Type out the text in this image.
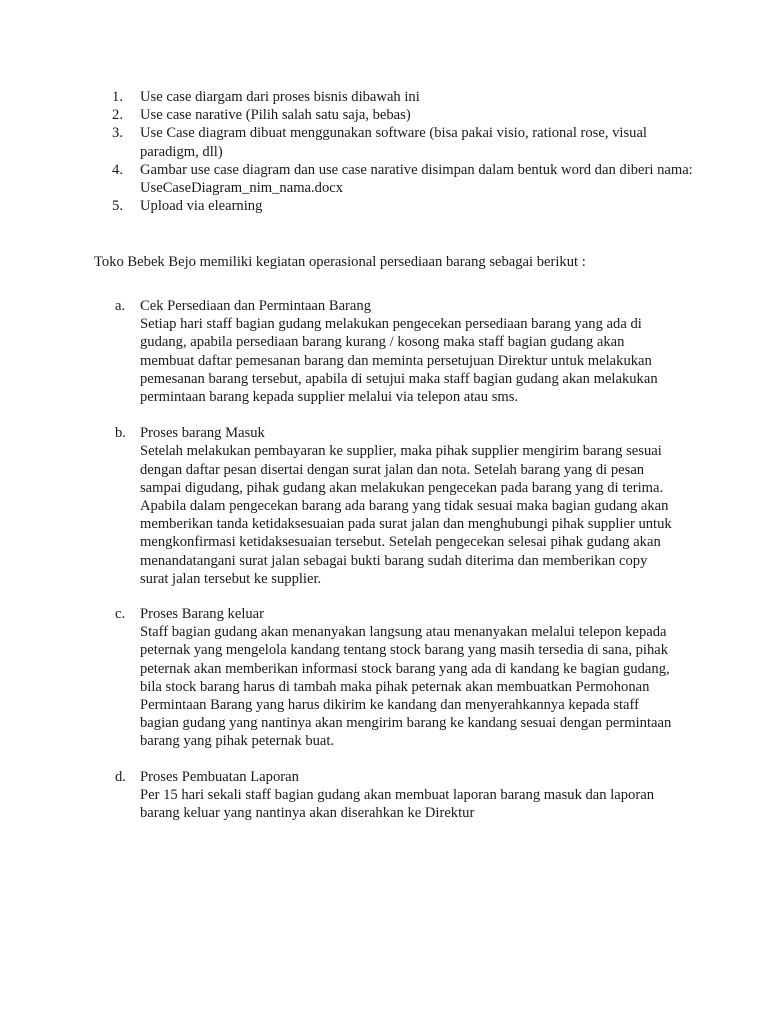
1. Use case diargam dari proses bisnis dibawah ini
2. Use case narative (Pilih salah satu saja, bebas)
3. Use Case diagram dibuat menggunakan software (bisa pakai visio, rational rose, visual paradigm, dll)
4. Gambar use case diagram dan use case narative disimpan dalam bentuk word dan diberi nama: UseCaseDiagram_nim_nama.docx
5. Upload via elearning

Toko Bebek Bejo memiliki kegiatan operasional persediaan barang sebagai berikut :

a.	Cek Persediaan dan Permintaan Barang

Setiap hari staff bagian gudang melakukan pengecekan persediaan barang yang ada di gudang, apabila persediaan barang kurang / kosong maka staff bagian gudang akan membuat daftar pemesanan barang dan meminta persetujuan Direktur untuk melakukan pemesanan barang tersebut, apabila di setujui maka staff bagian gudang akan melakukan permintaan barang kepada supplier melalui via telepon atau sms.

b. Proses barang Masuk

Setelah melakukan pembayaran ke supplier, maka pihak supplier mengirim barang sesuai dengan daftar pesan disertai dengan surat jalan dan nota. Setelah barang yang di pesan sampai digudang, pihak gudang akan melakukan pengecekan pada barang yang di terima. Apabila dalam pengecekan barang ada barang yang tidak sesuai maka bagian gudang akan memberikan tanda ketidaksesuaian pada surat jalan dan menghubungi pihak supplier untuk mengkonfirmasi ketidaksesuaian tersebut. Setelah pengecekan selesai pihak gudang akan menandatangani surat jalan sebagai bukti barang sudah diterima dan memberikan copy surat jalan tersebut ke supplier.

c.	Proses Barang keluar

Staff bagian gudang akan menanyakan langsung atau menanyakan melalui telepon kepada peternak yang mengelola kandang tentang stock barang yang masih tersedia di sana, pihak peternak akan memberikan informasi stock barang yang ada di kandang ke bagian gudang, bila stock barang harus di tambah maka pihak peternak akan membuatkan Permohonan Permintaan Barang yang harus dikirim ke kandang dan menyerahkannya kepada staff bagian gudang yang nantinya akan mengirim barang ke kandang sesuai dengan permintaan barang yang pihak peternak buat.

d. Proses Pembuatan Laporan

Per 15 hari sekali staff bagian gudang akan membuat laporan barang masuk dan laporan barang keluar yang nantinya akan diserahkan ke Direktur
